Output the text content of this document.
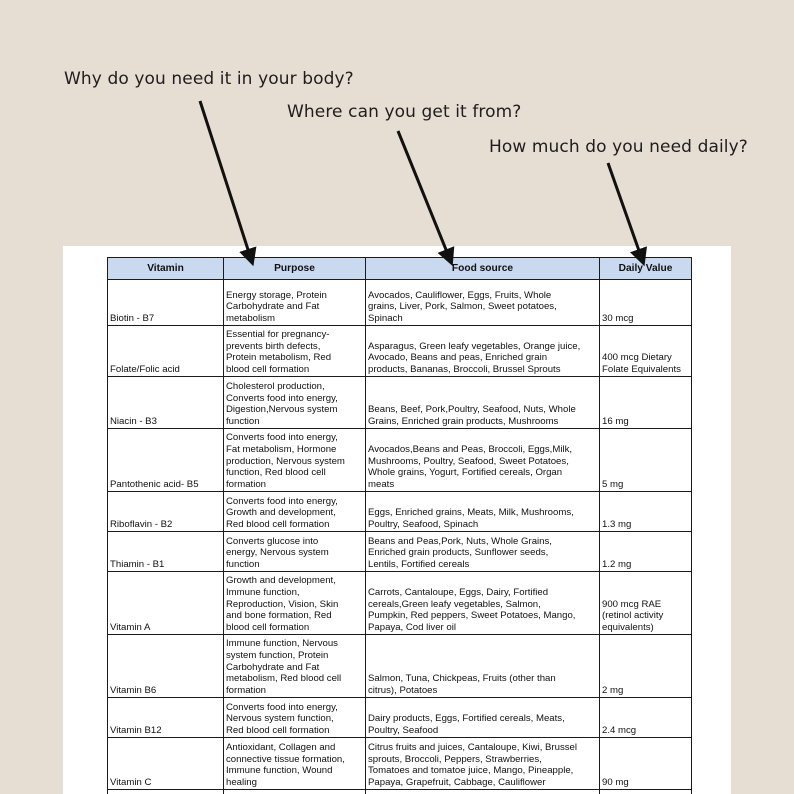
Why do you need it in your body?
Where can you get it from?
How much do you need daily?
Vitamin	Purpose	Food source	Daily Value
Biotin - B7	Energy storage, Protein
Carbohydrate and Fat
metabolism	Avocados, Cauliflower, Eggs, Fruits, Whole
grains, Liver, Pork, Salmon, Sweet potatoes,
Spinach	30 mcg
Folate/Folic acid	Essential for pregnancy-
prevents birth defects,
Protein metabolism, Red
blood cell formation	Asparagus, Green leafy vegetables, Orange juice,
Avocado, Beans and peas, Enriched grain
products, Bananas, Broccoli, Brussel Sprouts	400 mcg Dietary
Folate Equivalents
Niacin - B3	Cholesterol production,
Converts food into energy,
Digestion,Nervous system
function	Beans, Beef, Pork,Poultry, Seafood, Nuts, Whole
Grains, Enriched grain products, Mushrooms	16 mg
Pantothenic acid- B5	Converts food into energy,
Fat metabolism, Hormone
production, Nervous system
function, Red blood cell
formation	Avocados,Beans and Peas, Broccoli, Eggs,Milk,
Mushrooms, Poultry, Seafood, Sweet Potatoes,
Whole grains, Yogurt, Fortified cereals, Organ
meats	5 mg
Riboflavin - B2	Converts food into energy,
Growth and development,
Red blood cell formation	Eggs, Enriched grains, Meats, Milk, Mushrooms,
Poultry, Seafood, Spinach	1.3 mg
Thiamin - B1	Converts glucose into
energy, Nervous system
function	Beans and Peas,Pork, Nuts, Whole Grains,
Enriched grain products, Sunflower seeds,
Lentils, Fortified cereals	1.2 mg
Vitamin A	Growth and development,
Immune function,
Reproduction, Vision, Skin
and bone formation, Red
blood cell formation	Carrots, Cantaloupe, Eggs, Dairy, Fortified
cereals,Green leafy vegetables, Salmon,
Pumpkin, Red peppers, Sweet Potatoes, Mango,
Papaya, Cod liver oil	900 mcg RAE
(retinol activity
equivalents)
Vitamin B6	Immune function, Nervous
system function, Protein
Carbohydrate and Fat
metabolism, Red blood cell
formation	Salmon, Tuna, Chickpeas, Fruits (other than
citrus), Potatoes	2 mg
Vitamin B12	Converts food into energy,
Nervous system function,
Red blood cell formation	Dairy products, Eggs, Fortified cereals, Meats,
Poultry, Seafood	2.4 mcg
Vitamin C	Antioxidant, Collagen and
connective tissue formation,
Immune function, Wound
healing	Citrus fruits and juices, Cantaloupe, Kiwi, Brussel
sprouts, Broccoli, Peppers, Strawberries,
Tomatoes and tomatoe juice, Mango, Pineapple,
Papaya, Grapefruit, Cabbage, Cauliflower	90 mg
